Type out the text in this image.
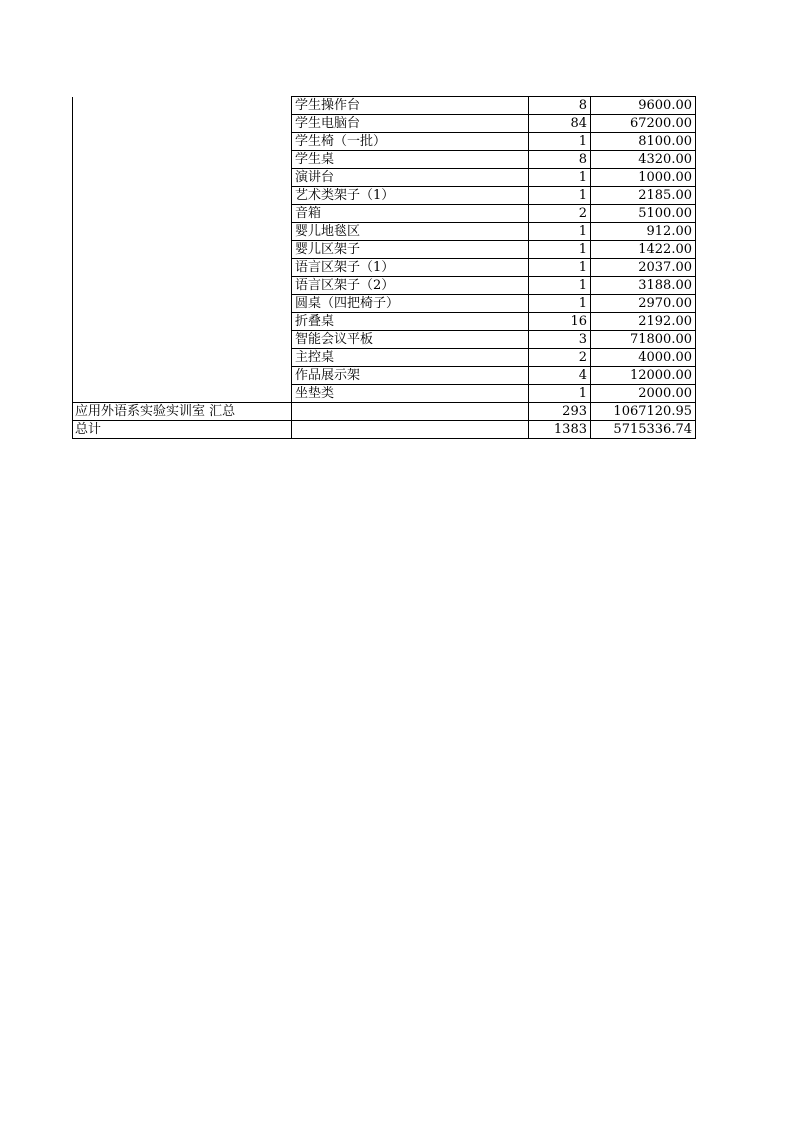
	学生操作台	8	9600.00
	学生电脑台	84	67200.00
	学生椅（一批）	1	8100.00
	学生桌	8	4320.00
	演讲台	1	1000.00
	艺术类架子（1）	1	2185.00
	音箱	2	5100.00
	婴儿地毯区	1	912.00
	婴儿区架子	1	1422.00
	语言区架子（1）	1	2037.00
	语言区架子（2）	1	3188.00
	圆桌（四把椅子）	1	2970.00
	折叠桌	16	2192.00
	智能会议平板	3	71800.00
	主控桌	2	4000.00
	作品展示架	4	12000.00
	坐垫类	1	2000.00
应用外语系实验实训室 汇总		293	1067120.95
总计		1383	5715336.74
